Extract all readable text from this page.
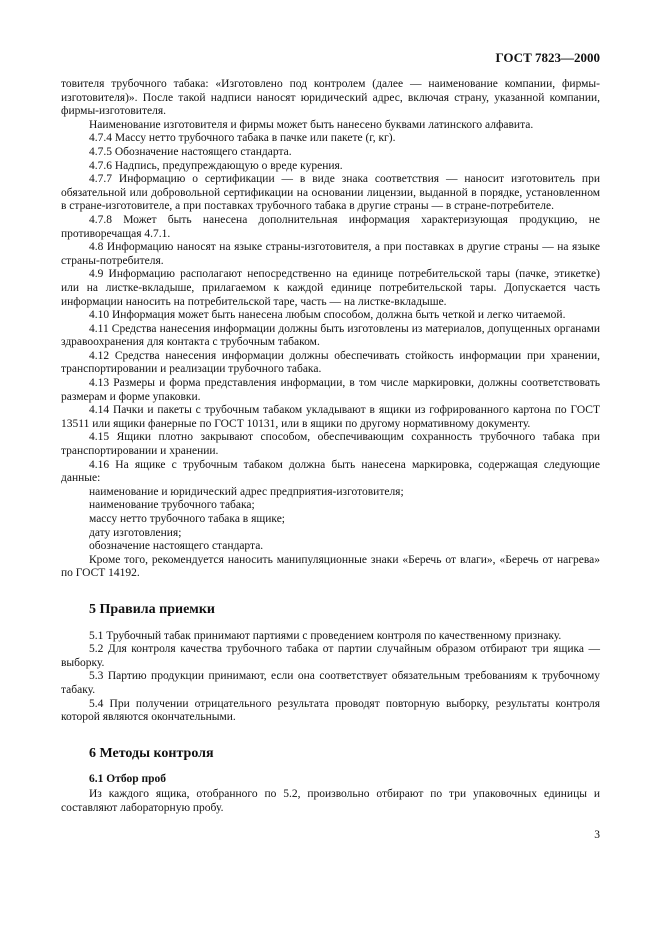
ГОСТ 7823—2000

товителя трубочного табака: «Изготовлено под контролем (далее — наименование компании, фирмы-изготовителя)». После такой надписи наносят юридический адрес, включая страну, указанной компании, фирмы-изготовителя.

Наименование изготовителя и фирмы может быть нанесено буквами латинского алфавита.

4.7.4 Массу нетто трубочного табака в пачке или пакете (г, кг).

4.7.5 Обозначение настоящего стандарта.

4.7.6 Надпись, предупреждающую о вреде курения.

4.7.7 Информацию о сертификации — в виде знака соответствия — наносит изготовитель при обязательной или добровольной сертификации на основании лицензии, выданной в порядке, установленном в стране-изготовителе, а при поставках трубочного табака в другие страны — в стране-потребителе.

4.7.8 Может быть нанесена дополнительная информация характеризующая продукцию, не противоречащая 4.7.1.

4.8 Информацию наносят на языке страны-изготовителя, а при поставках в другие страны — на языке страны-потребителя.

4.9 Информацию располагают непосредственно на единице потребительской тары (пачке, этикетке) или на листке-вкладыше, прилагаемом к каждой единице потребительской тары. Допускается часть информации наносить на потребительской таре, часть — на листке-вкладыше.

4.10 Информация может быть нанесена любым способом, должна быть четкой и легко читаемой.

4.11 Средства нанесения информации должны быть изготовлены из материалов, допущенных органами здравоохранения для контакта с трубочным табаком.

4.12 Средства нанесения информации должны обеспечивать стойкость информации при хранении, транспортировании и реализации трубочного табака.

4.13 Размеры и форма представления информации, в том числе маркировки, должны соответствовать размерам и форме упаковки.

4.14 Пачки и пакеты с трубочным табаком укладывают в ящики из гофрированного картона по ГОСТ 13511 или ящики фанерные по ГОСТ 10131, или в ящики по другому нормативному документу.

4.15 Ящики плотно закрывают способом, обеспечивающим сохранность трубочного табака при транспортировании и хранении.

4.16 На ящике с трубочным табаком должна быть нанесена маркировка, содержащая следующие данные:

наименование и юридический адрес предприятия-изготовителя;

наименование трубочного табака;

массу нетто трубочного табака в ящике;

дату изготовления;

обозначение настоящего стандарта.

Кроме того, рекомендуется наносить манипуляционные знаки «Беречь от влаги», «Беречь от нагрева» по ГОСТ 14192.

5 Правила приемки

5.1 Трубочный табак принимают партиями с проведением контроля по качественному признаку.

5.2 Для контроля качества трубочного табака от партии случайным образом отбирают три ящика — выборку.

5.3 Партию продукции принимают, если она соответствует обязательным требованиям к трубочному табаку.

5.4 При получении отрицательного результата проводят повторную выборку, результаты контроля которой являются окончательными.

6 Методы контроля
6.1 Отбор проб

Из каждого ящика, отобранного по 5.2, произвольно отбирают по три упаковочных единицы и составляют лабораторную пробу.

3
